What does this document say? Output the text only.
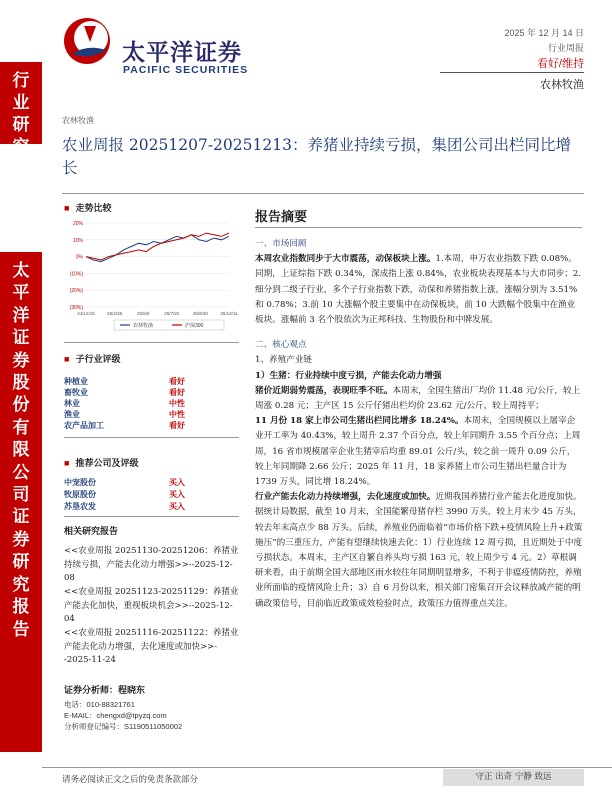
行业研究
太平洋证券股份有限公司证券研究报告
太平洋证券
PACIFIC SECURITIES
2025 年 12 月 14 日
行业周报
看好/维持
农林牧渔
农林牧渔
农业周报 20251207-20251213：养猪业持续亏损，集团公司出栏同比增长
■ 走势比较
20%
10%
0%
(10%)
(20%)
(30%)
24/12/16	25/2/26	25/5/9	25/7/20	25/9/30	25/12/11
农林牧渔	沪深300
■ 子行业评级
种植业	看好
畜牧业	看好
林业	中性
渔业	中性
农产品加工	看好
■ 推荐公司及评级
中宠股份	买入
牧原股份	买入
苏垦农发	买入
相关研究报告
<<农业周报 20251130-20251206：养猪业持续亏损，产能去化动力增强>>--2025-12-08
<<农业周报 20251123-20251129：养猪业产能去化加快，重视板块机会>>--2025-12-04
<<农业周报 20251116-20251122：养猪业产能去化动力增强，去化速度或加快>>--2025-11-24
证券分析师：程晓东
电话：010-88321761
E-MAIL：chengxd@tpyzq.com
分析师登记编号：S1190511050002
报告摘要

一、市场回顾

本周农业指数同步于大市震荡，动保板块上涨。1.本周，申万农业指数下跌 0.08%。同期，上证综指下跌 0.34%，深成指上涨 0.84%，农业板块表现基本与大市同步；2.细分到二级子行业，多个子行业指数下跌，动保和养猪指数上涨，涨幅分别为 3.51%和 0.78%；3.前 10 大涨幅个股主要集中在动保板块，前 10 大跌幅个股集中在渔业板块。涨幅前 3 名个股依次为正邦科技、生物股份和中牌发展。

二、核心观点

1、养殖产业链

1）生猪：行业持续中度亏损，产能去化动力增强

猪价近期弱势震荡，表现旺季不旺。本周末，全国生猪出厂均价 11.48 元/公斤，较上周涨 0.28 元；主产区 15 公斤仔猪出栏均价 23.62 元/公斤，较上周持平；

11 月份 18 家上市公司生猪出栏同比增多 18.24%。本周末，全国规模以上屠宰企业开工率为 40.43%，较上周升 2.37 个百分点，较上年同期升 3.55 个百分点；上周周，16 省市规模屠宰企业生猪宰后均重 89.01 公斤/头，较之前一周升 0.09 公斤，较上年同期降 2.66 公斤；2025 年 11 月，18 家养猪上市公司生猪出栏量合计为 1739 万头，同比增 18.24%。

行业产能去化动力持续增强，去化速度或加快。近期我国养猪行业产能去化进度加快。据统计局数据，截至 10 月末，全国能繁母猪存栏 3990 万头，较上月末少 45 万头，较去年末高点少 88 万头。后续，养殖业仍面临着“市场价格下跌+疫情风险上升+政策施压”的三重压力，产能有望继续快速去化：1）行业连续 12 周亏损，且近期处于中度亏损状态。本周末，主产区自繁自养头均亏损 163 元，较上周少亏 4 元。2）草根调研来看，由于前期全国大部地区雨水较往年同期明显增多，不利于非瘟疫情防控，养殖业所面临的疫情风险上升；3）自 6 月份以来，相关部门密集召开会议释放减产能的明确政策信号，目前临近政策成效检验时点，政策压力值得重点关注。

请务必阅读正文之后的免责条款部分	守正 出奇 宁静 致远
